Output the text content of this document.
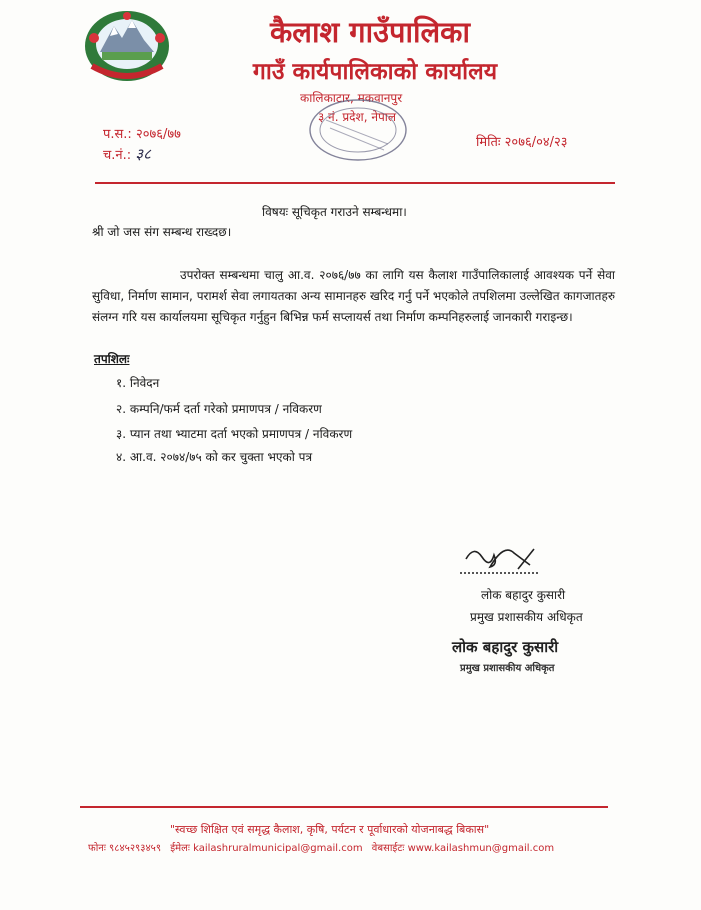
कैलाश गाउँपालिका
गाउँ कार्यपालिकाको कार्यालय
कालिकाटार, मकवानपुर
३ नं. प्रदेश, नेपाल
प.स.: २०७६/७७
च.नं.: ३८
मितिः २०७६/०४/२३
विषयः सूचिकृत गराउने सम्बन्धमा।
श्री जो जस संग सम्बन्ध राख्दछ।
उपरोक्त सम्बन्धमा चालु आ.व. २०७६/७७ का लागि यस कैलाश गाउँपालिकालाई आवश्यक पर्ने सेवा सुविधा, निर्माण सामान, परामर्श सेवा लगायतका अन्य सामानहरु खरिद गर्नु पर्ने भएकोले तपशिलमा उल्लेखित कागजातहरु संलग्न गरि यस कार्यालयमा सूचिकृत गर्नुहुन बिभिन्न फर्म सप्लायर्स तथा निर्माण कम्पनिहरुलाई जानकारी गराइन्छ।
तपशिलः
१. निवेदन
२. कम्पनि/फर्म दर्ता गरेको प्रमाणपत्र / नविकरण
३. प्यान तथा भ्याटमा दर्ता भएको प्रमाणपत्र / नविकरण
४. आ.व. २०७४/७५ को कर चुक्ता भएको पत्र
लोक बहादुर कुसारी
प्रमुख प्रशासकीय अधिकृत
लोक बहादुर कुसारी
प्रमुख प्रशासकीय अधिकृत
"स्वच्छ शिक्षित एवं समृद्ध कैलाश, कृषि, पर्यटन र पूर्वाधारको योजनाबद्ध बिकास"
फोनः ९८४५२९३४५९ ईमेलः kailashruralmunicipal@gmail.com वेबसाईटः www.kailashmun@gmail.com
